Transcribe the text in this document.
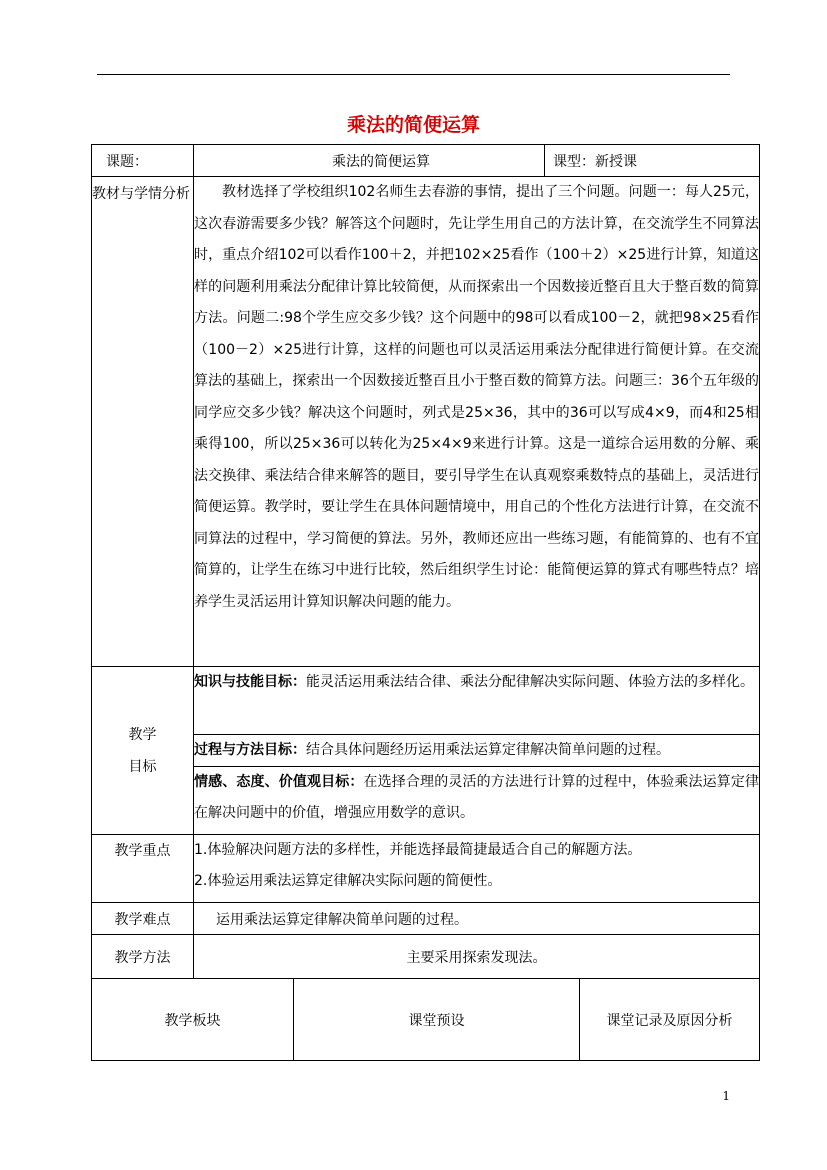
乘法的简便运算
课题：	乘法的简便运算		课型：新授课	
教材与学情分析	教材选择了学校组织102名师生去春游的事情，提出了三个问题。问题一：每人25元，这次春游需要多少钱？解答这个问题时，先让学生用自己的方法计算，在交流学生不同算法时，重点介绍102可以看作100＋2，并把102×25看作（100＋2）×25进行计算，知道这样的问题利用乘法分配律计算比较简便，从而探索出一个因数接近整百且大于整百数的简算方法。问题二:98个学生应交多少钱？这个问题中的98可以看成100－2，就把98×25看作（100－2）×25进行计算，这样的问题也可以灵活运用乘法分配律进行简便计算。在交流算法的基础上，探索出一个因数接近整百且小于整百数的简算方法。问题三：36个五年级的同学应交多少钱？解决这个问题时，列式是25×36，其中的36可以写成4×9，而4和25相乘得100，所以25×36可以转化为25×4×9来进行计算。这是一道综合运用数的分解、乘法交换律、乘法结合律来解答的题目，要引导学生在认真观察乘数特点的基础上，灵活进行简便运算。教学时，要让学生在具体问题情境中，用自己的个性化方法进行计算，在交流不同算法的过程中，学习简便的算法。另外，教师还应出一些练习题，有能简算的、也有不宜简算的，让学生在练习中进行比较，然后组织学生讨论：能简便运算的算式有哪些特点？培养学生灵活运用计算知识解决问题的能力。			

教学
目标	知识与技能目标：能灵活运用乘法结合律、乘法分配律解决实际问题、体验方法的多样化。			
	过程与方法目标：结合具体问题经历运用乘法运算定律解决简单问题的过程。			
	情感、态度、价值观目标：在选择合理的灵活的方法进行计算的过程中，体验乘法运算定律在解决问题中的价值，增强应用数学的意识。			
教学重点	1.体验解决问题方法的多样性，并能选择最简捷最适合自己的解题方法。
2.体验运用乘法运算定律解决实际问题的简便性。			

教学难点	运用乘法运算定律解决简单问题的过程。			
教学方法	主要采用探索发现法。			
教学板块		课堂预设		课堂记录及原因分析
1
